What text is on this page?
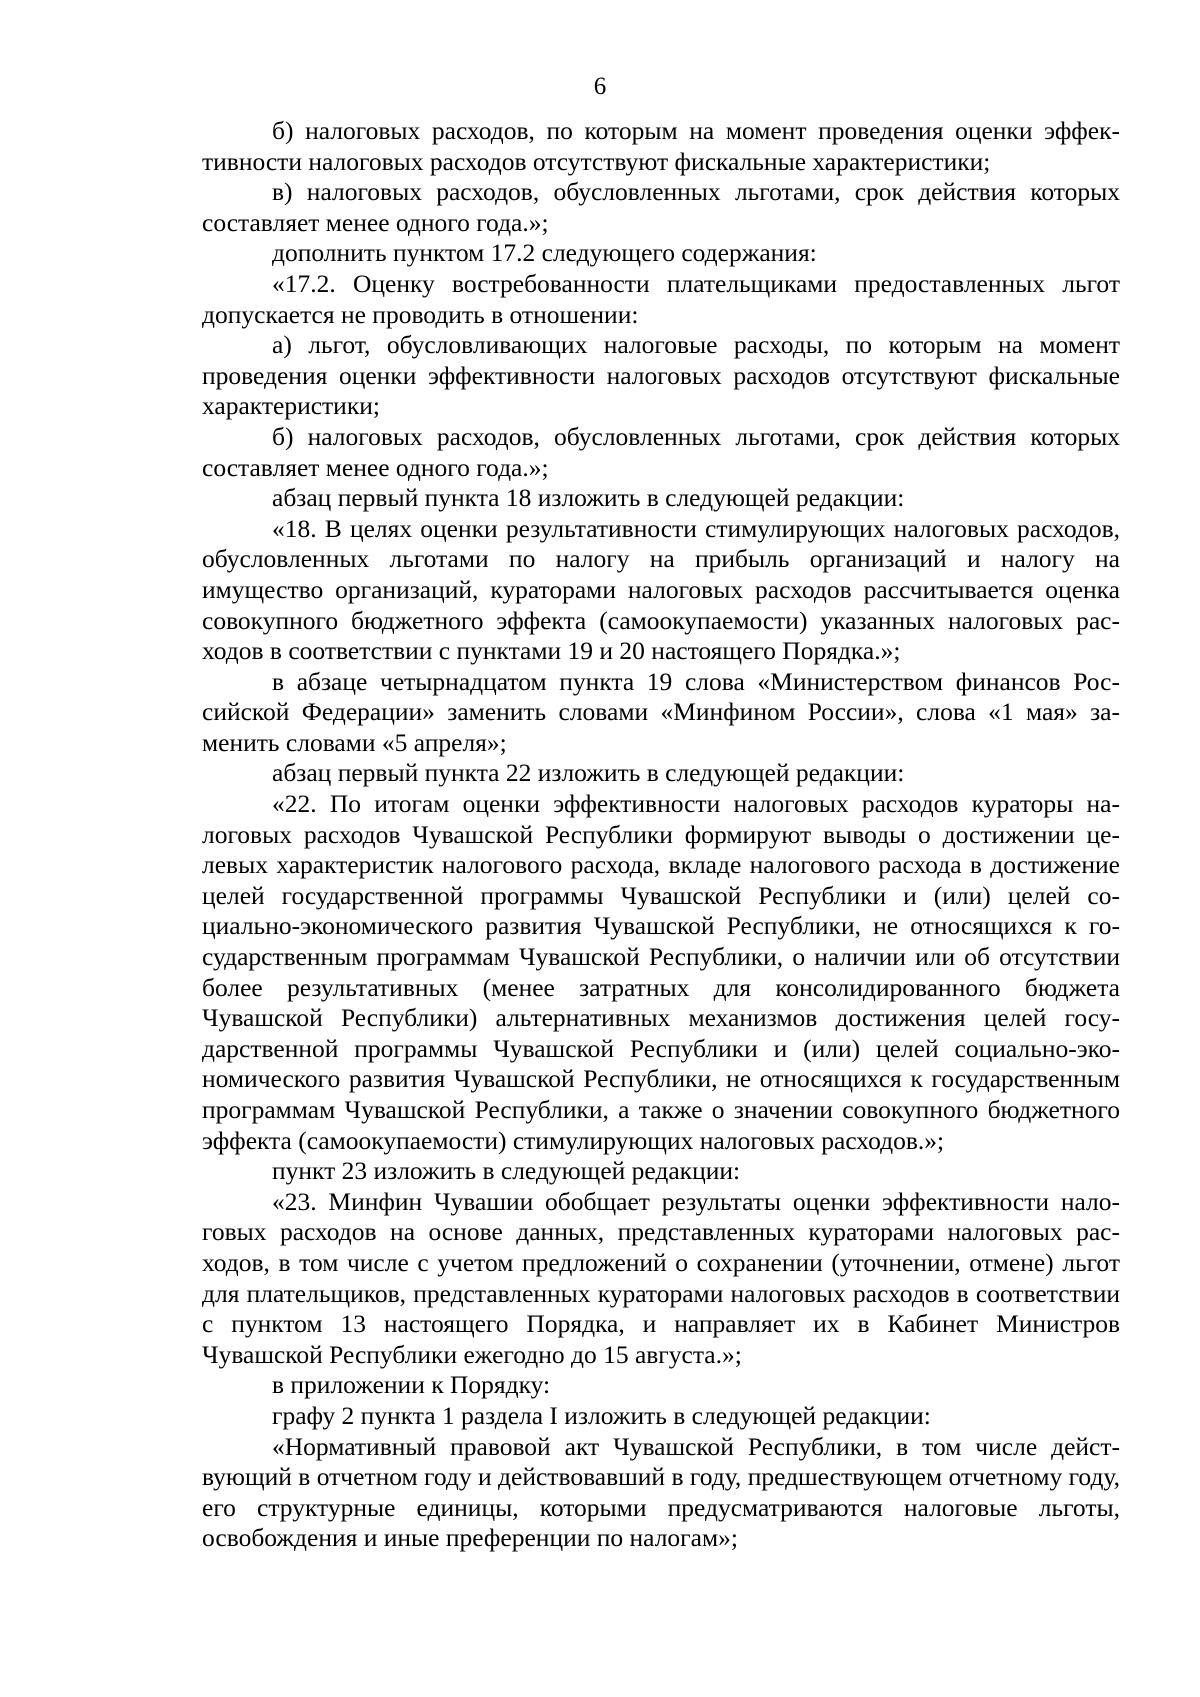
6

б) налоговых расходов, по которым на момент проведения оценки эффективности налоговых расходов отсутствуют фискальные характеристики;

в) налоговых расходов, обусловленных льготами, срок действия которых составляет менее одного года.»;

дополнить пунктом 17.2 следующего содержания:

«17.2. Оценку востребованности плательщиками предоставленных льгот допускается не проводить в отношении:

а) льгот, обусловливающих налоговые расходы, по которым на момент проведения оценки эффективности налоговых расходов отсутствуют фискальные характеристики;

б) налоговых расходов, обусловленных льготами, срок действия которых составляет менее одного года.»;

абзац первый пункта 18 изложить в следующей редакции:

«18. В целях оценки результативности стимулирующих налоговых расходов, обусловленных льготами по налогу на прибыль организаций и налогу на имущество организаций, кураторами налоговых расходов рассчитывается оценка совокупного бюджетного эффекта (самоокупаемости) указанных налоговых расходов в соответствии с пунктами 19 и 20 настоящего Порядка.»;

в абзаце четырнадцатом пункта 19 слова «Министерством финансов Российской Федерации» заменить словами «Минфином России», слова «1 мая» заменить словами «5 апреля»;

абзац первый пункта 22 изложить в следующей редакции:

«22. По итогам оценки эффективности налоговых расходов кураторы налоговых расходов Чувашской Республики формируют выводы о достижении целевых характеристик налогового расхода, вкладе налогового расхода в достижение целей государственной программы Чувашской Республики и (или) целей социально-экономического развития Чувашской Республики, не относящихся к государственным программам Чувашской Республики, о наличии или об отсутствии более результативных (менее затратных для консолидированного бюджета Чувашской Республики) альтернативных механизмов достижения целей государственной программы Чувашской Республики и (или) целей социально-экономического развития Чувашской Республики, не относящихся к государственным программам Чувашской Республики, а также о значении совокупного бюджетного эффекта (самоокупаемости) стимулирующих налоговых расходов.»;

пункт 23 изложить в следующей редакции:

«23. Минфин Чувашии обобщает результаты оценки эффективности налоговых расходов на основе данных, представленных кураторами налоговых расходов, в том числе с учетом предложений о сохранении (уточнении, отмене) льгот для плательщиков, представленных кураторами налоговых расходов в соответствии с пунктом 13 настоящего Порядка, и направляет их в Кабинет Министров Чувашской Республики ежегодно до 15 августа.»;

в приложении к Порядку:

графу 2 пункта 1 раздела I изложить в следующей редакции:

«Нормативный правовой акт Чувашской Республики, в том числе действующий в отчетном году и действовавший в году, предшествующем отчетному году, его структурные единицы, которыми предусматриваются налоговые льготы, освобождения и иные преференции по налогам»;
